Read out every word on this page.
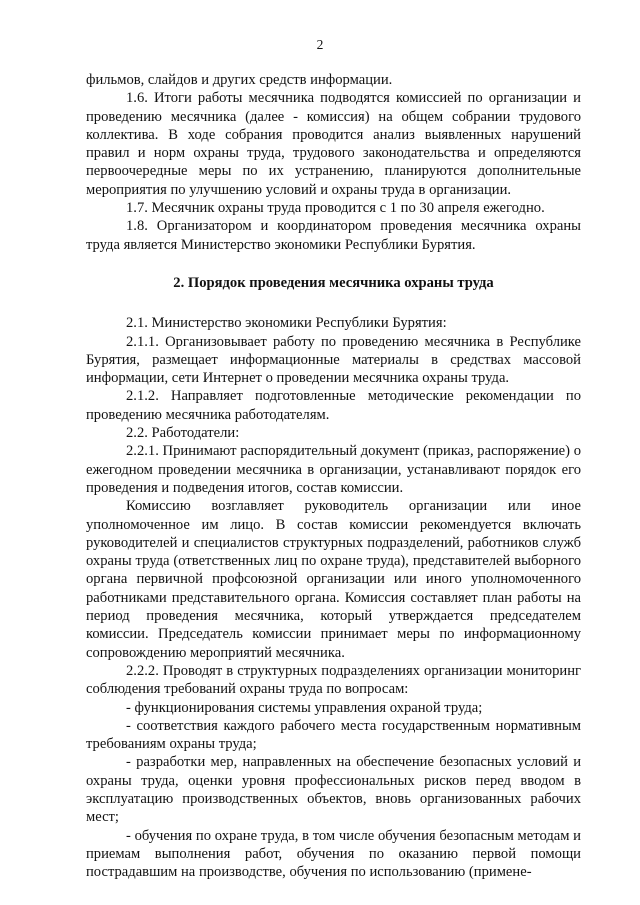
2

фильмов, слайдов и других средств информации.

1.6. Итоги работы месячника подводятся комиссией по организации и проведению месячника (далее - комиссия) на общем собрании трудового коллектива. В ходе собрания проводится анализ выявленных нарушений правил и норм охраны труда, трудового законодательства и определяются первоочередные меры по их устранению, планируются дополнительные мероприятия по улучшению условий и охраны труда в организации.

1.7. Месячник охраны труда проводится с 1 по 30 апреля ежегодно.

1.8. Организатором и координатором проведения месячника охраны труда является Министерство экономики Республики Бурятия.

2. Порядок проведения месячника охраны труда

2.1. Министерство экономики Республики Бурятия:

2.1.1. Организовывает работу по проведению месячника в Республике Бурятия, размещает информационные материалы в средствах массовой информации, сети Интернет о проведении месячника охраны труда.

2.1.2. Направляет подготовленные методические рекомендации по проведению месячника работодателям.

2.2. Работодатели:

2.2.1. Принимают распорядительный документ (приказ, распоряжение) о ежегодном проведении месячника в организации, устанавливают порядок его проведения и подведения итогов, состав комиссии.

Комиссию возглавляет руководитель организации или иное уполномоченное им лицо. В состав комиссии рекомендуется включать руководителей и специалистов структурных подразделений, работников служб охраны труда (ответственных лиц по охране труда), представителей выборного органа первичной профсоюзной организации или иного уполномоченного работниками представительного органа. Комиссия составляет план работы на период проведения месячника, который утверждается председателем комиссии. Председатель комиссии принимает меры по информационному сопровождению мероприятий месячника.

2.2.2. Проводят в структурных подразделениях организации мониторинг соблюдения требований охраны труда по вопросам:

- функционирования системы управления охраной труда;

- соответствия каждого рабочего места государственным нормативным требованиям охраны труда;

- разработки мер, направленных на обеспечение безопасных условий и охраны труда, оценки уровня профессиональных рисков перед вводом в эксплуатацию производственных объектов, вновь организованных рабочих мест;

- обучения по охране труда, в том числе обучения безопасным методам и приемам выполнения работ, обучения по оказанию первой помощи пострадавшим на производстве, обучения по использованию (примене-
